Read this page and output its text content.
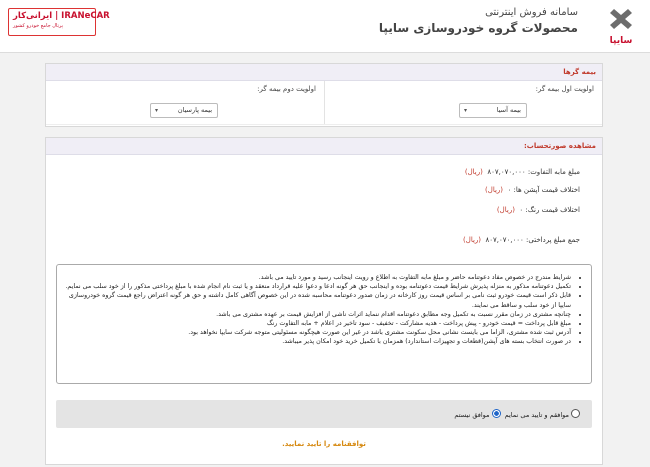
ایرانی‌کار | IRANeCAR
پرتال جامع خودرو کشور
سامانه فروش اینترنتی
محصولات گروه خودروسازی سایپا
سایپا
بیمه گرها
اولویت اول بیمه گر:
بیمه آسیا
▾
اولویت دوم بیمه گر:
بیمه پارسیان
▾
مشاهده صورتحساب:
مبلغ مابه التفاوت: ۸۰۷,۰۷۰,۰۰۰  (ریال)
اختلاف قیمت آپشن ها: ۰  (ریال)
اختلاف قیمت رنگ: ۰  (ریال)
جمع مبلغ پرداختی: ۸۰۷,۰۷۰,۰۰۰  (ریال)
• شرایط مندرج در خصوص مفاد دعوتنامه حاضر و مبلغ مابه التفاوت به اطلاع و رویت اینجانب رسید و مورد تایید می باشد.
• تکمیل دعوتنامه مذکور به منزله پذیرش شرایط قیمت دعوتنامه بوده و اینجانب حق هر گونه ادعا و دعوا علیه قرارداد منعقد و یا ثبت نام انجام شده با مبلغ پرداختی مذکور را از خود سلب می نمایم.
• قابل ذکر است قیمت خودرو ثبت نامی بر اساس قیمت روز کارخانه در زمان صدور دعوتنامه محاسبه شده در این خصوص آگاهی کامل داشته و حق هر گونه اعتراض راجع قیمت گروه خودروسازی سایپا از خود سلب و ساقط می نمایند.
• چنانچه مشتری در زمان مقرر نسبت به تکمیل وجه مطابق دعوتنامه اقدام ننماید اثرات ناشی از افزایش قیمت بر عهده مشتری می باشد.
• مبلغ قابل پرداخت = قیمت خودرو - پیش پرداخت - هدیه مشارکت - تخفیف - سود تاخیر در اعلام + مابه التفاوت رنگ
• آدرس ثبت شده مشتری، الزاما می بایست نشانی محل سکونت مشتری باشد در غیر این صورت هیچگونه مسئولیتی متوجه شرکت سایپا نخواهد بود.
• در صورت انتخاب بسته های آپشن(قطعات و تجهیزات استاندارد) همزمان با تکمیل خرید خود امکان پذیر میباشد.
موافقم و تایید می نمایم  موافق نیستم
توافقنامه را تایید نمایید.
